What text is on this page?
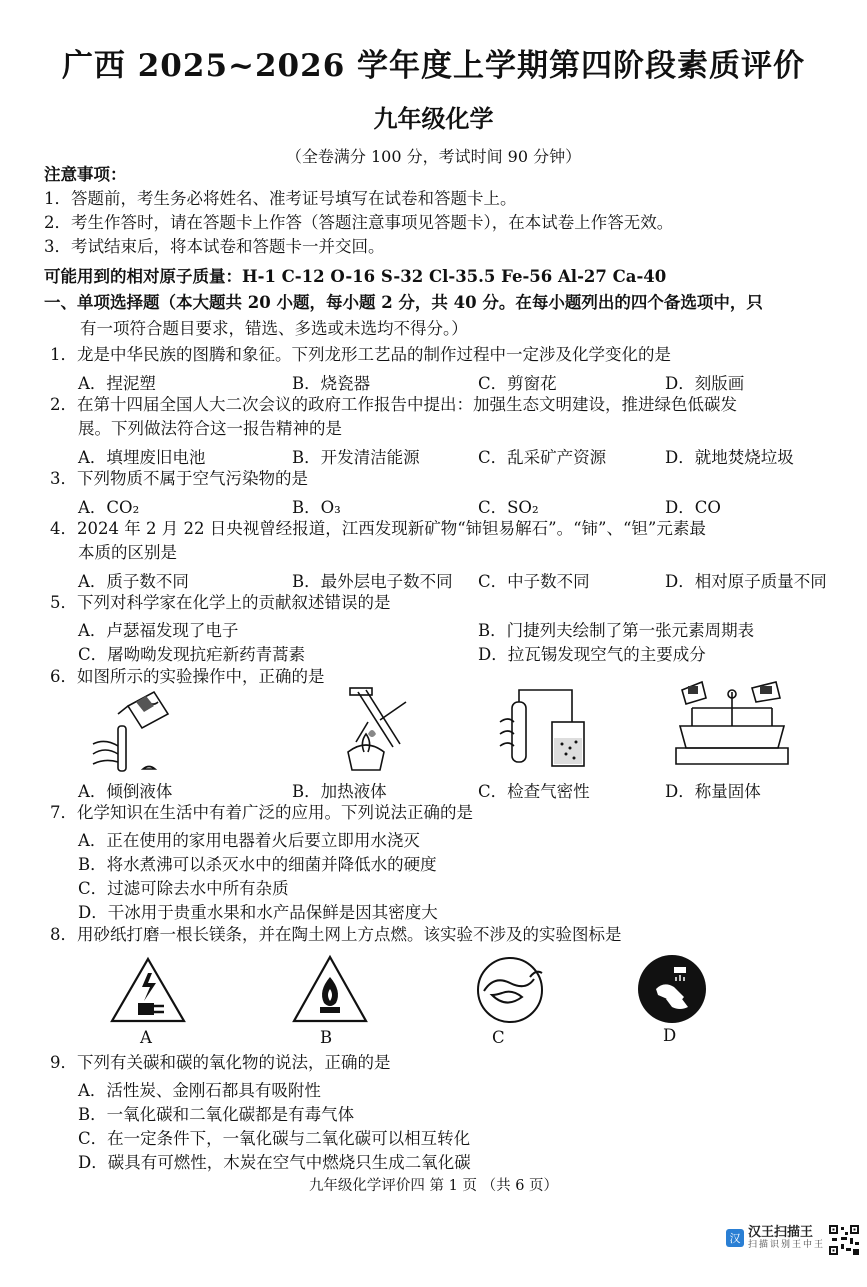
广西 2025~2026 学年度上学期第四阶段素质评价
九年级化学
（全卷满分 100 分，考试时间 90 分钟）
注意事项：
1．答题前，考生务必将姓名、准考证号填写在试卷和答题卡上。
2．考生作答时，请在答题卡上作答（答题注意事项见答题卡），在本试卷上作答无效。
3．考试结束后，将本试卷和答题卡一并交回。
可能用到的相对原子质量：H-1 C-12 O-16 S-32 Cl-35.5 Fe-56 Al-27 Ca-40
一、单项选择题（本大题共 20 小题，每小题 2 分，共 40 分。在每小题列出的四个备选项中，只
有一项符合题目要求，错选、多选或未选均不得分。）
1．龙是中华民族的图腾和象征。下列龙形工艺品的制作过程中一定涉及化学变化的是
A．捏泥塑	B．烧瓷器	C．剪窗花	D．刻版画
2．在第十四届全国人大二次会议的政府工作报告中提出：加强生态文明建设，推进绿色低碳发
展。下列做法符合这一报告精神的是
A．填埋废旧电池	B．开发清洁能源	C．乱采矿产资源	D．就地焚烧垃圾
3．下列物质不属于空气污染物的是
A．CO₂	B．O₃	C．SO₂	D．CO
4．2024 年 2 月 22 日央视曾经报道，江西发现新矿物“铈钽易解石”。“铈”、“钽”元素最
本质的区别是
A．质子数不同	B．最外层电子数不同 C．中子数不同	D．相对原子质量不同
5．下列对科学家在化学上的贡献叙述错误的是
A．卢瑟福发现了电子	B．门捷列夫绘制了第一张元素周期表
C．屠呦呦发现抗疟新药青蒿素	D．拉瓦锡发现空气的主要成分
6．如图所示的实验操作中，正确的是
A．倾倒液体	B．加热液体	C．检查气密性	D．称量固体
7．化学知识在生活中有着广泛的应用。下列说法正确的是
A．正在使用的家用电器着火后要立即用水浇灭
B．将水煮沸可以杀灭水中的细菌并降低水的硬度
C．过滤可除去水中所有杂质
D．干冰用于贵重水果和水产品保鲜是因其密度大
8．用砂纸打磨一根长镁条，并在陶土网上方点燃。该实验不涉及的实验图标是
A	B	C	D
9．下列有关碳和碳的氧化物的说法，正确的是
A．活性炭、金刚石都具有吸附性
B．一氧化碳和二氧化碳都是有毒气体
C．在一定条件下，一氧化碳与二氧化碳可以相互转化
D．碳具有可燃性，木炭在空气中燃烧只生成二氧化碳
九年级化学评价四 第 1 页 （共 6 页）
汉 汉王扫描王
扫描识别王中王
